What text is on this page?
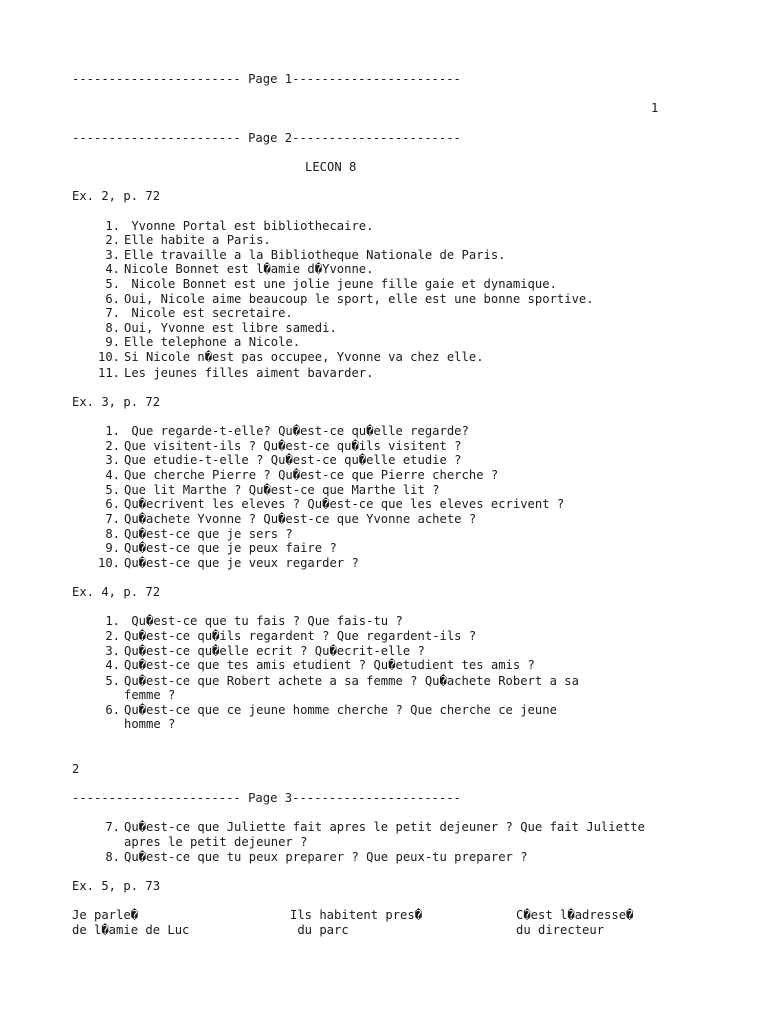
----------------------- Page 1-----------------------
1
----------------------- Page 2-----------------------
LECON 8
Ex. 2, p. 72
1. Yvonne Portal est bibliothecaire.
2. Elle habite a Paris.
3. Elle travaille a la Bibliotheque Nationale de Paris.
4. Nicole Bonnet est l�amie d�Yvonne.
5. Nicole Bonnet est une jolie jeune fille gaie et dynamique.
6. Oui, Nicole aime beaucoup le sport, elle est une bonne sportive.
7. Nicole est secretaire.
8. Oui, Yvonne est libre samedi.
9. Elle telephone a Nicole.
10. Si Nicole n�est pas occupee, Yvonne va chez elle.
11. Les jeunes filles aiment bavarder.
Ex. 3, p. 72
1. Que regarde-t-elle? Qu�est-ce qu�elle regarde?
2. Que visitent-ils ? Qu�est-ce qu�ils visitent ?
3. Que etudie-t-elle ? Qu�est-ce qu�elle etudie ?
4. Que cherche Pierre ? Qu�est-ce que Pierre cherche ?
5. Que lit Marthe ? Qu�est-ce que Marthe lit ?
6. Qu�ecrivent les eleves ? Qu�est-ce que les eleves ecrivent ?
7. Qu�achete Yvonne ? Qu�est-ce que Yvonne achete ?
8. Qu�est-ce que je sers ?
9. Qu�est-ce que je peux faire ?
10. Qu�est-ce que je veux regarder ?
Ex. 4, p. 72
1. Qu�est-ce que tu fais ? Que fais-tu ?
2. Qu�est-ce qu�ils regardent ? Que regardent-ils ?
3. Qu�est-ce qu�elle ecrit ? Qu�ecrit-elle ?
4. Qu�est-ce que tes amis etudient ? Qu�etudient tes amis ?
5. Qu�est-ce que Robert achete a sa femme ? Qu�achete Robert a sa
femme ?
6. Qu�est-ce que ce jeune homme cherche ? Que cherche ce jeune
homme ?
2
----------------------- Page 3-----------------------
7. Qu�est-ce que Juliette fait apres le petit dejeuner ? Que fait Juliette
apres le petit dejeuner ?
8. Qu�est-ce que tu peux preparer ? Que peux-tu preparer ?
Ex. 5, p. 73
Je parle�
de l�amie de Luc
Ils habitent pres�
du parc
C�est l�adresse�
du directeur
